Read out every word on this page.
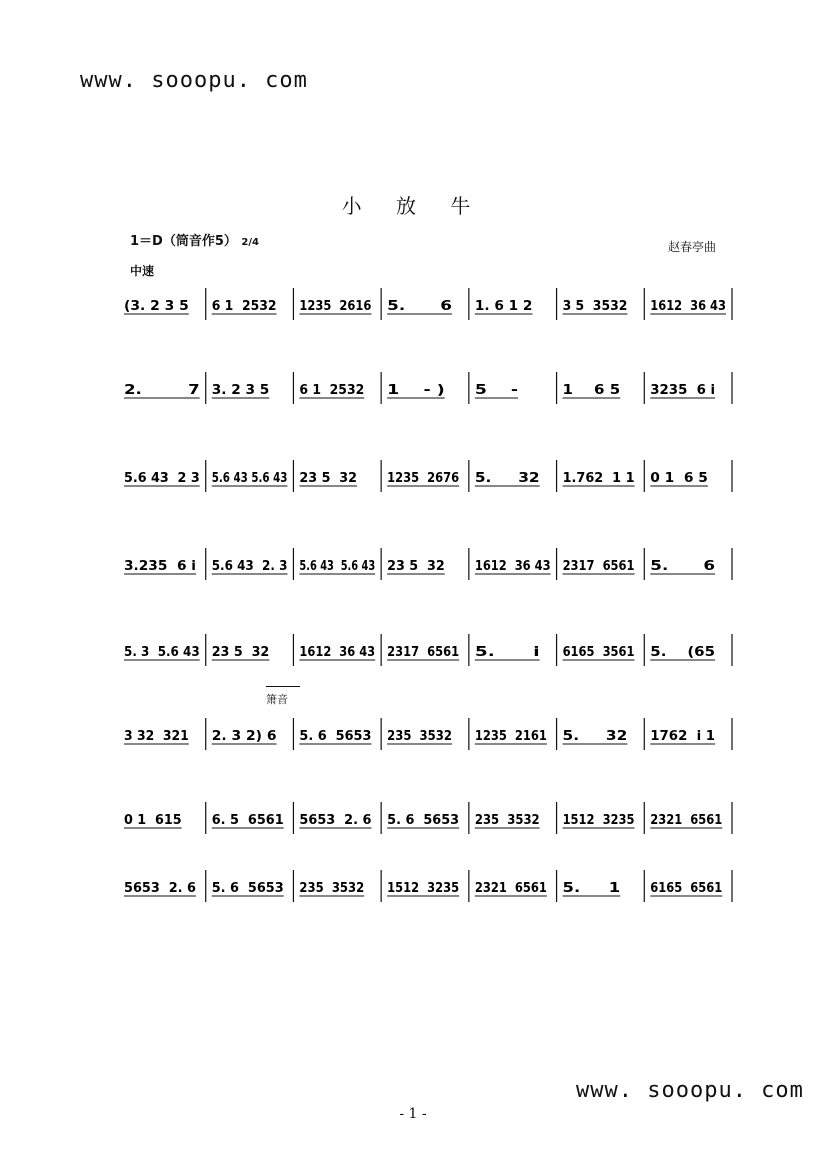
www. sooopu. com
小 放 牛
1＝D（筒音作5） 2/4	赵春亭曲
中速
箫音
(3. 2 3 5 6 1  2532 1235  2616 5.      6 1. 6 1 2 3 5  3532 1612  36 43
2.        7 3. 2 3 5 6 1  2532 1    - ) 5    -	1    6 5 3235  6 i
5.6 43  2 3 5.6 43 5.6 43 23 5  32 1235  2676 5.     32 1.762  1 1 0 1  6 5
3.235  6 i 5.6 43  2. 3 5.6 43  5.6 43 23 5  32 1612  36 43 2317  6561 5.      6
5. 3  5.6 43 23 5  32 1612  36 43 2317  6561 5.      i 6165  3561 5.    (65
3 32  321 2. 3 2) 6 5. 6  5653 235  3532 1235  2161 5.     32 1762  i 1
0 1  615 6. 5  6561 5653  2. 6 5. 6  5653 235  3532 1512  3235 2321  6561
5653  2. 6 5. 6  5653 235  3532 1512  3235 2321  6561 5.     1 6165  6561
www. sooopu. com
- 1 -
